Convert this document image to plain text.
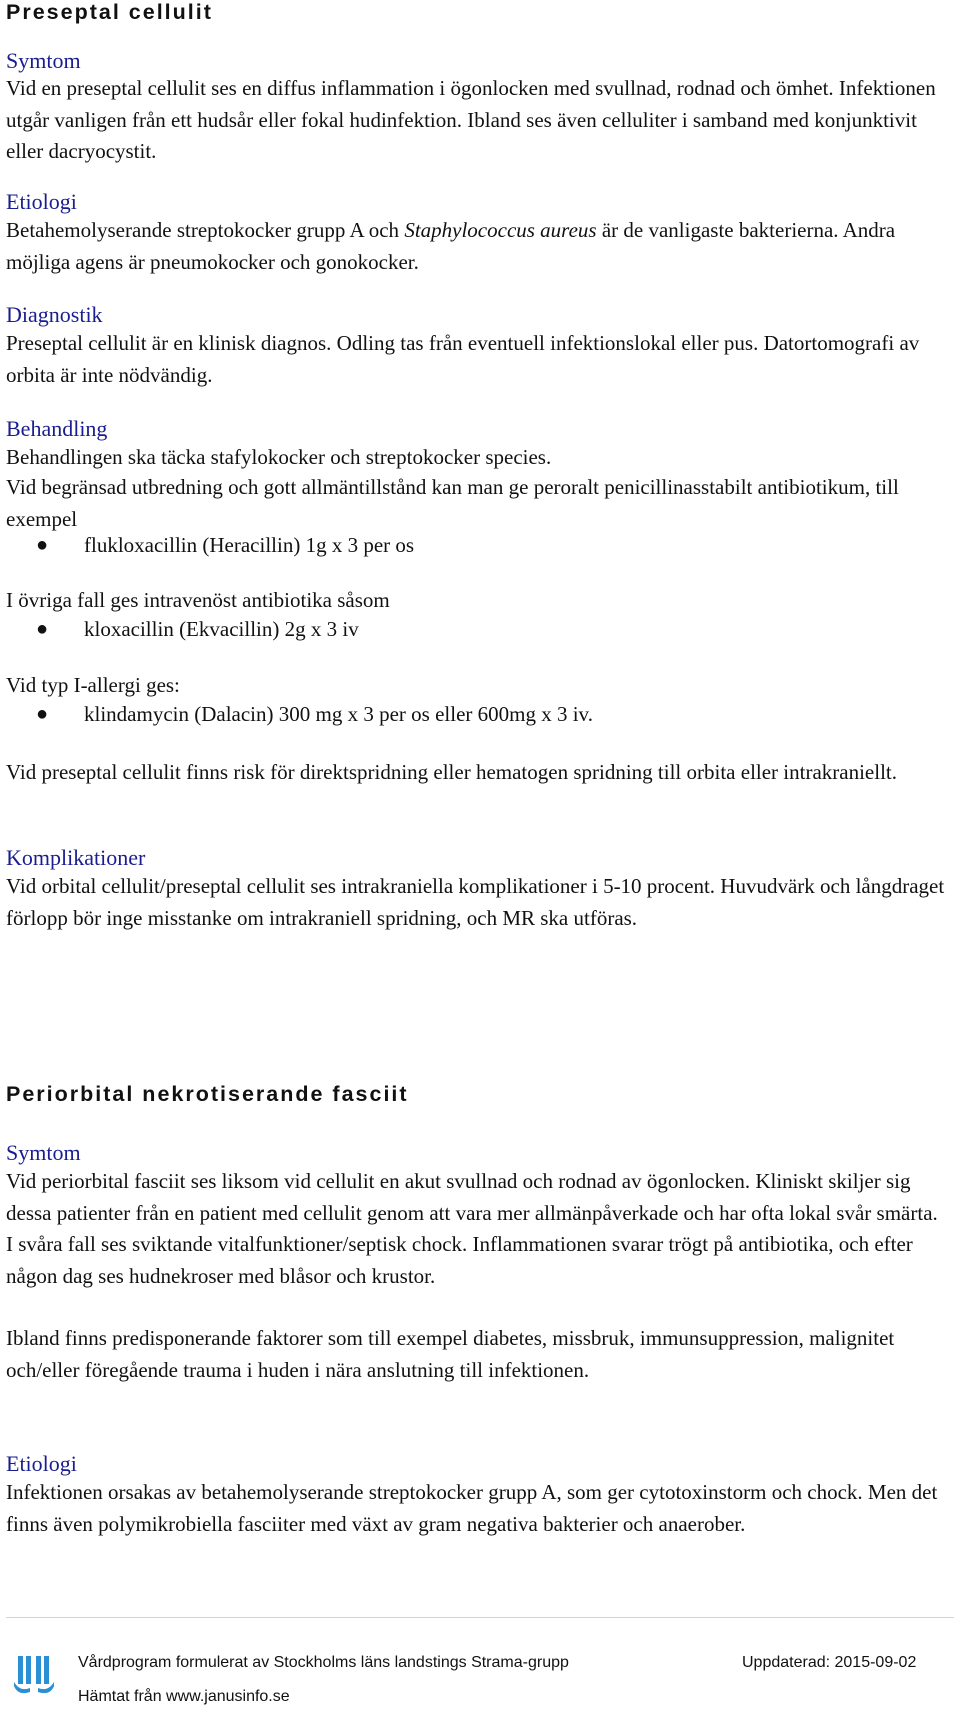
Preseptal cellulit
Symtom

Vid en preseptal cellulit ses en diffus inflammation i ögonlocken med svullnad, rodnad och ömhet. Infektionen utgår vanligen från ett hudsår eller fokal hudinfektion. Ibland ses även celluliter i samband med konjunktivit eller dacryocystit.

Etiologi

Betahemolyserande streptokocker grupp A och Staphylococcus aureus är de vanligaste bakterierna. Andra möjliga agens är pneumokocker och gonokocker.

Diagnostik

Preseptal cellulit är en klinisk diagnos. Odling tas från eventuell infektionslokal eller pus. Datortomografi av orbita är inte nödvändig.

Behandling

Behandlingen ska täcka stafylokocker och streptokocker species.

Vid begränsad utbredning och gott allmäntillstånd kan man ge peroralt penicillinasstabilt antibiotikum, till exempel

● flukloxacillin (Heracillin) 1g x 3 per os

I övriga fall ges intravenöst antibiotika såsom

● kloxacillin (Ekvacillin) 2g x 3 iv

Vid typ I-allergi ges:

● klindamycin (Dalacin) 300 mg x 3 per os eller 600mg x 3 iv.

Vid preseptal cellulit finns risk för direktspridning eller hematogen spridning till orbita eller intrakraniellt.

Komplikationer

Vid orbital cellulit/preseptal cellulit ses intrakraniella komplikationer i 5-10 procent. Huvudvärk och långdraget förlopp bör inge misstanke om intrakraniell spridning, och MR ska utföras.

Periorbital nekrotiserande fasciit
Symtom

Vid periorbital fasciit ses liksom vid cellulit en akut svullnad och rodnad av ögonlocken. Kliniskt skiljer sig dessa patienter från en patient med cellulit genom att vara mer allmänpåverkade och har ofta lokal svår smärta. I svåra fall ses sviktande vitalfunktioner/septisk chock. Inflammationen svarar trögt på antibiotika, och efter någon dag ses hudnekroser med blåsor och krustor.

Ibland finns predisponerande faktorer som till exempel diabetes, missbruk, immunsuppression, malignitet och/eller föregående trauma i huden i nära anslutning till infektionen.

Etiologi

Infektionen orsakas av betahemolyserande streptokocker grupp A, som ger cytotoxinstorm och chock. Men det finns även polymikrobiella fasciiter med växt av gram negativa bakterier och anaerober.

Vårdprogram formulerat av Stockholms läns landstings Strama-grupp	Uppdaterad: 2015-09-02
Hämtat från www.janusinfo.se
